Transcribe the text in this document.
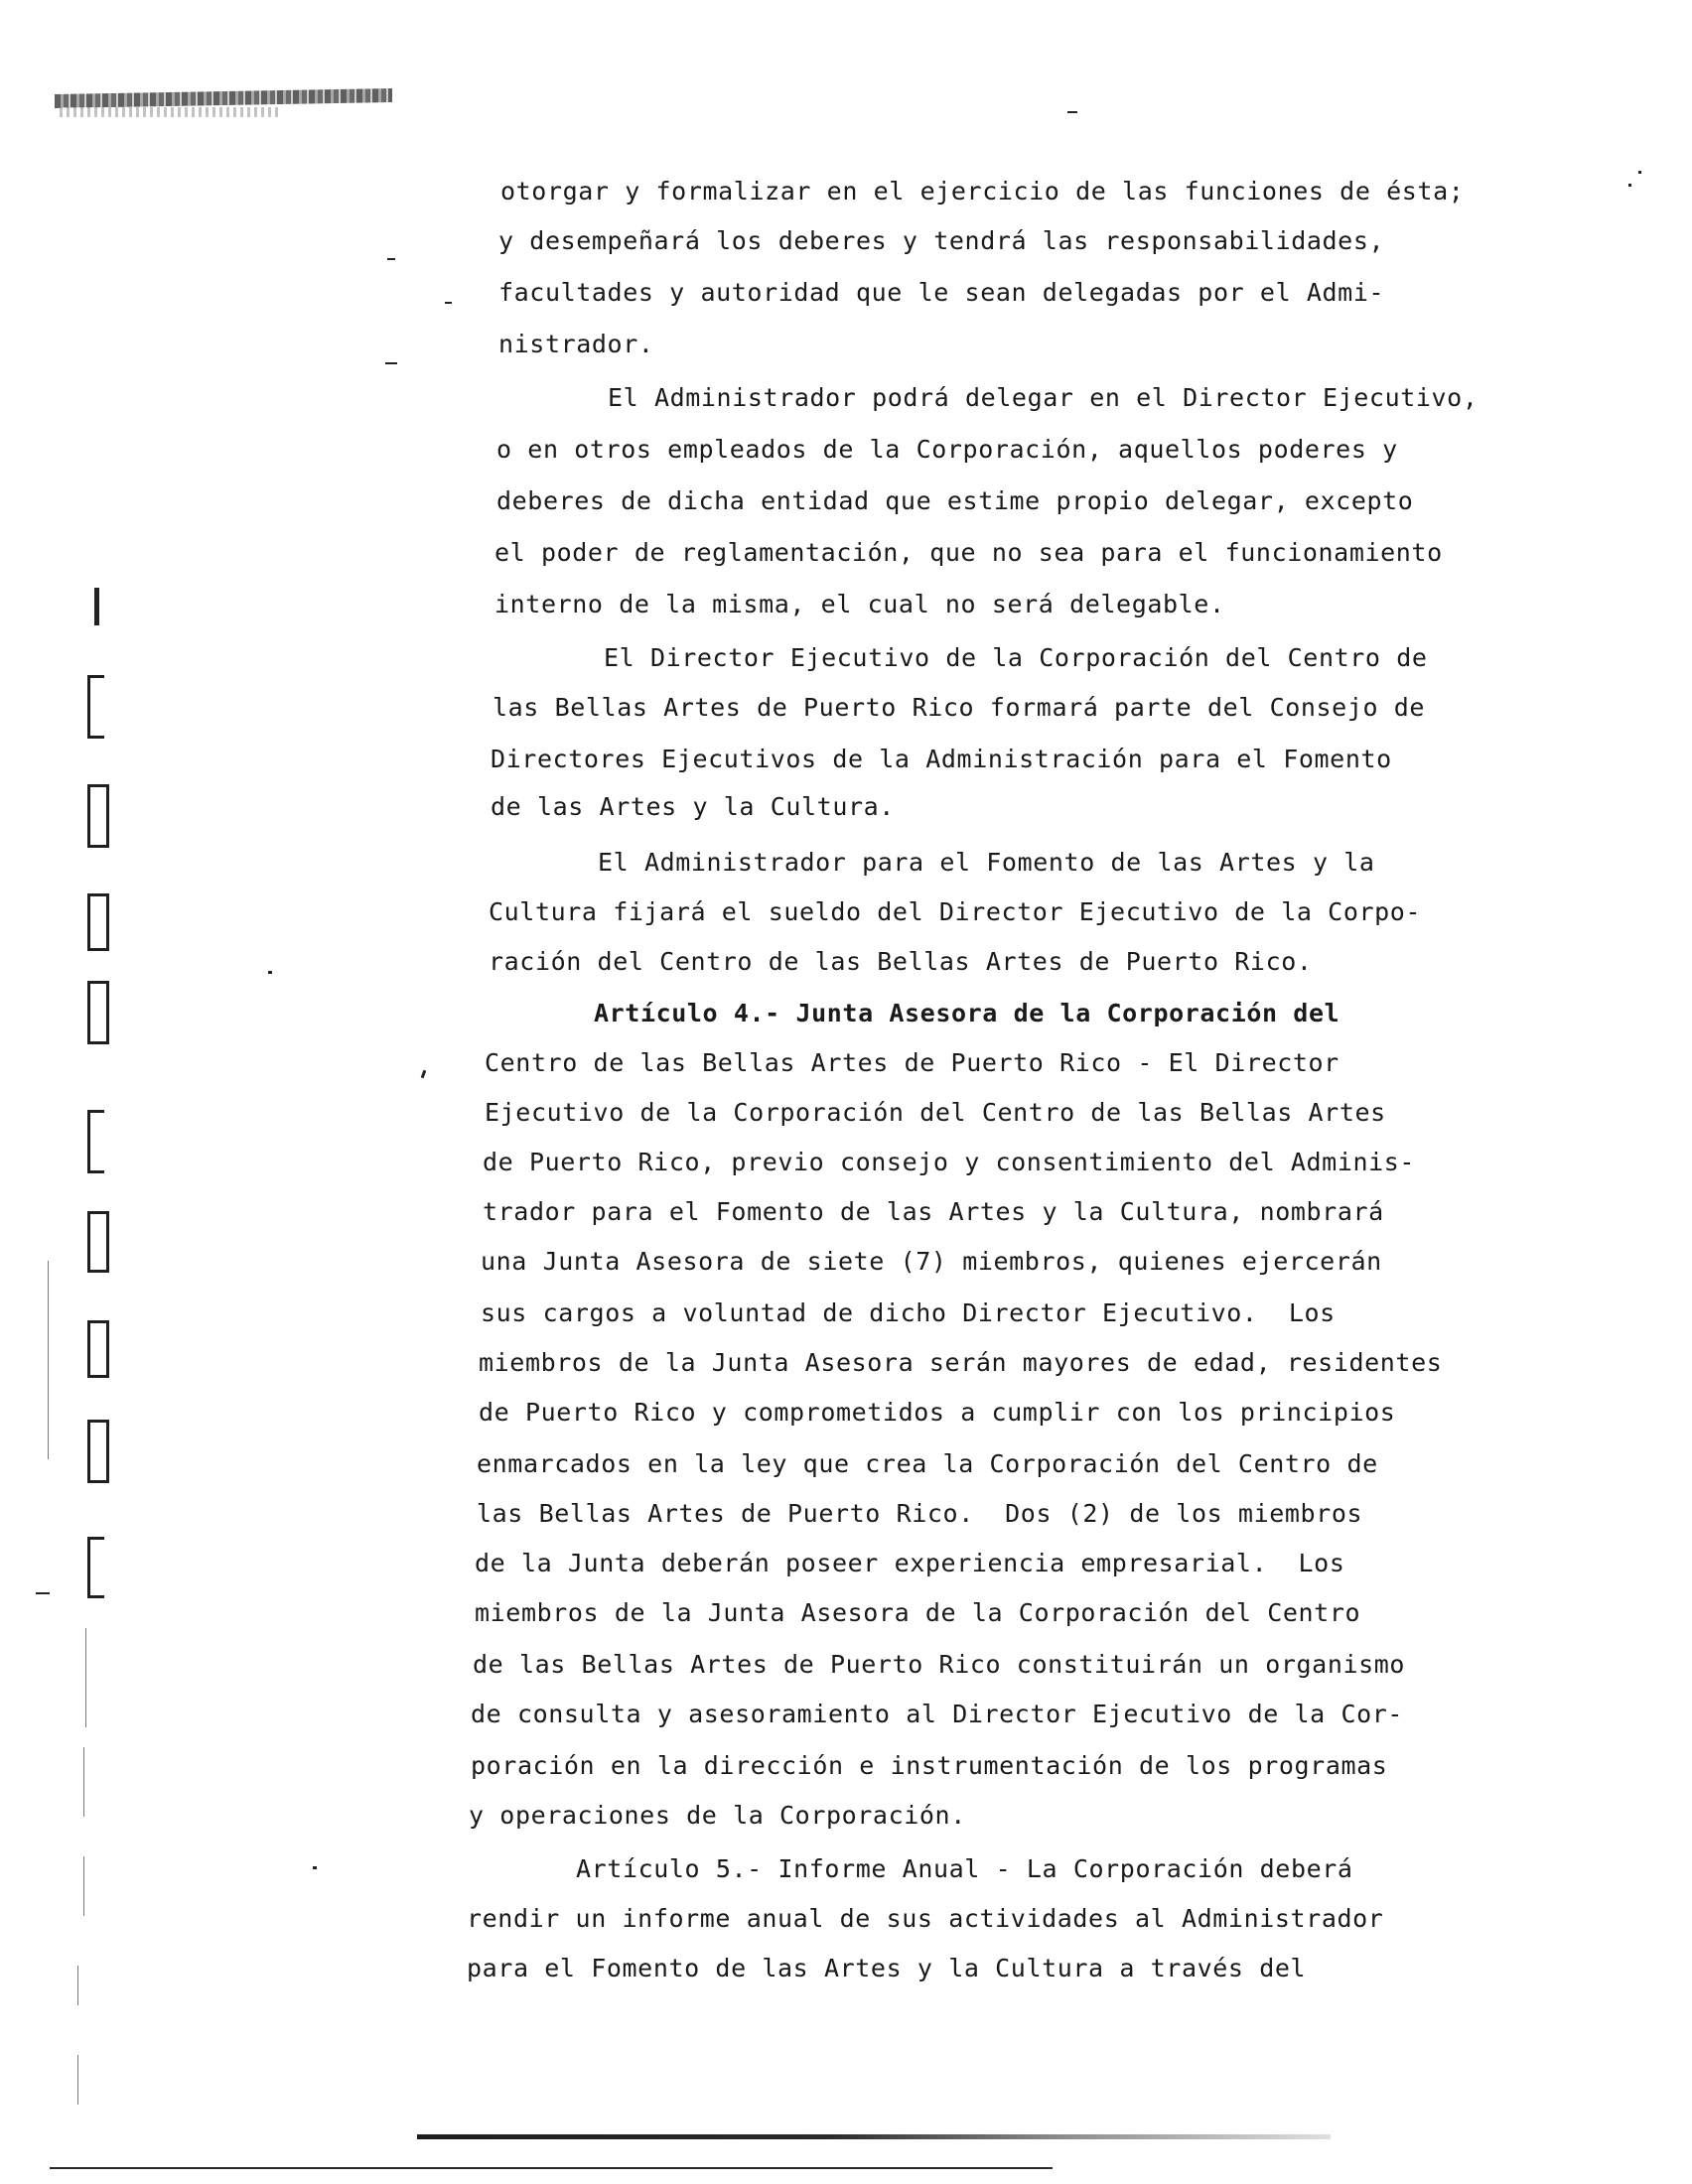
otorgar y formalizar en el ejercicio de las funciones de ésta;
y desempeñará los deberes y tendrá las responsabilidades,
facultades y autoridad que le sean delegadas por el Admi-
nistrador.
El Administrador podrá delegar en el Director Ejecutivo,
o en otros empleados de la Corporación, aquellos poderes y
deberes de dicha entidad que estime propio delegar, excepto
el poder de reglamentación, que no sea para el funcionamiento
interno de la misma, el cual no será delegable.
El Director Ejecutivo de la Corporación del Centro de
las Bellas Artes de Puerto Rico formará parte del Consejo de
Directores Ejecutivos de la Administración para el Fomento
de las Artes y la Cultura.
El Administrador para el Fomento de las Artes y la
Cultura fijará el sueldo del Director Ejecutivo de la Corpo-
ración del Centro de las Bellas Artes de Puerto Rico.
Artículo 4.- Junta Asesora de la Corporación del
Centro de las Bellas Artes de Puerto Rico - El Director
Ejecutivo de la Corporación del Centro de las Bellas Artes
de Puerto Rico, previo consejo y consentimiento del Adminis-
trador para el Fomento de las Artes y la Cultura, nombrará
una Junta Asesora de siete (7) miembros, quienes ejercerán
sus cargos a voluntad de dicho Director Ejecutivo.  Los
miembros de la Junta Asesora serán mayores de edad, residentes
de Puerto Rico y comprometidos a cumplir con los principios
enmarcados en la ley que crea la Corporación del Centro de
las Bellas Artes de Puerto Rico.  Dos (2) de los miembros
de la Junta deberán poseer experiencia empresarial.  Los
miembros de la Junta Asesora de la Corporación del Centro
de las Bellas Artes de Puerto Rico constituirán un organismo
de consulta y asesoramiento al Director Ejecutivo de la Cor-
poración en la dirección e instrumentación de los programas
y operaciones de la Corporación.
Artículo 5.- Informe Anual - La Corporación deberá
rendir un informe anual de sus actividades al Administrador
para el Fomento de las Artes y la Cultura a través del
